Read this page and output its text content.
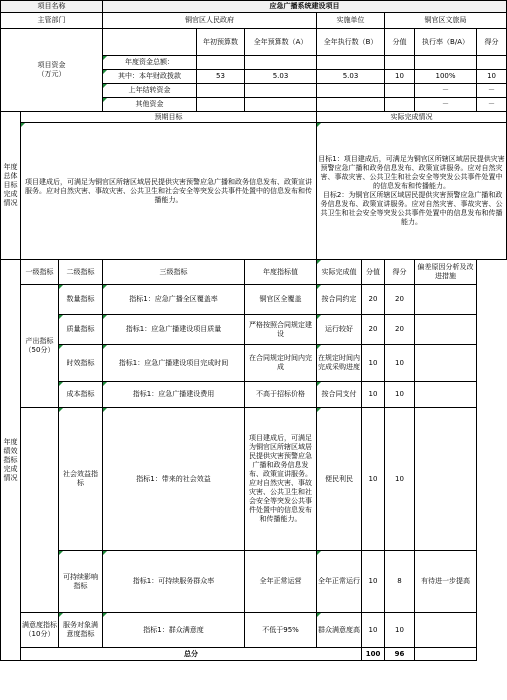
项目名称			应急广播系统建设项目							
主管部门			铜官区人民政府			实施单位		铜官区文旅局		

项目资金
（万元）				年初预算数	全年预算数（A）	全年执行数（B）		分值	执行率（B/A）	得分
			年度资金总额：							
			其中：本年财政拨款	53	5.03	5.03		10	100%	10
			上年结转资金						－	－
			其他资金						－	－
年度总体目标完成情况	预期目标					实际完成情况				

	项目建成后，可满足为铜官区所辖区域居民提供灾害预警应急广播和政务信息发布、政策宣讲服务。应对自然灾害、事故灾害、公共卫生和社会安全等突发公共事件处置中的信息发布和传播能力。					目标1：项目建成后，可满足为铜官区所辖区域居民提供灾害预警应急广播和政务信息发布、政策宣讲服务。应对自然灾害、事故灾害、公共卫生和社会安全等突发公共事件处置中的信息发布和传播能力。
目标2：为铜官区所辖区域居民提供灾害预警应急广播和政务信息发布、政策宣讲服务。应对自然灾害、事故灾害、公共卫生和社会安全等突发公共事件处置中的信息发布和传播能力。				

年度绩效指标完成情况	一级指标	二级指标	三级指标		年度指标值	实际完成值	分值	得分	偏差原因分析及改进措施	
	产出指标（50分）	数量指标	指标1：应急广播全区覆盖率		铜官区全覆盖	按合同约定	20	20		
		质量指标	指标1：应急广播建设项目质量		严格按照合同规定建设	运行较好	20	20		
		时效指标	指标1：应急广播建设项目完成时间		在合同规定时间内完成	在规定时间内完成采购进度	10	10		
		成本指标	指标1：应急广播建设费用		不高于招标价格	按合同支付	10	10		
		社会效益指标	指标1：带来的社会效益		项目建成后，可满足为铜官区所辖区域居民提供灾害预警应急广播和政务信息发布、政策宣讲服务。应对自然灾害、事故灾害、公共卫生和社会安全等突发公共事件处置中的信息发布和传播能力。	便民利民	10	10		
		可持续影响指标	指标1：可持续服务群众率		全年正常运营	全年正常运行	10	8	有待进一步提高	
	满意度指标（10分）	服务对象满意度指标	指标1：群众满意度		不低于95%	群众满意度高	10	10		
	总分						100	96		
